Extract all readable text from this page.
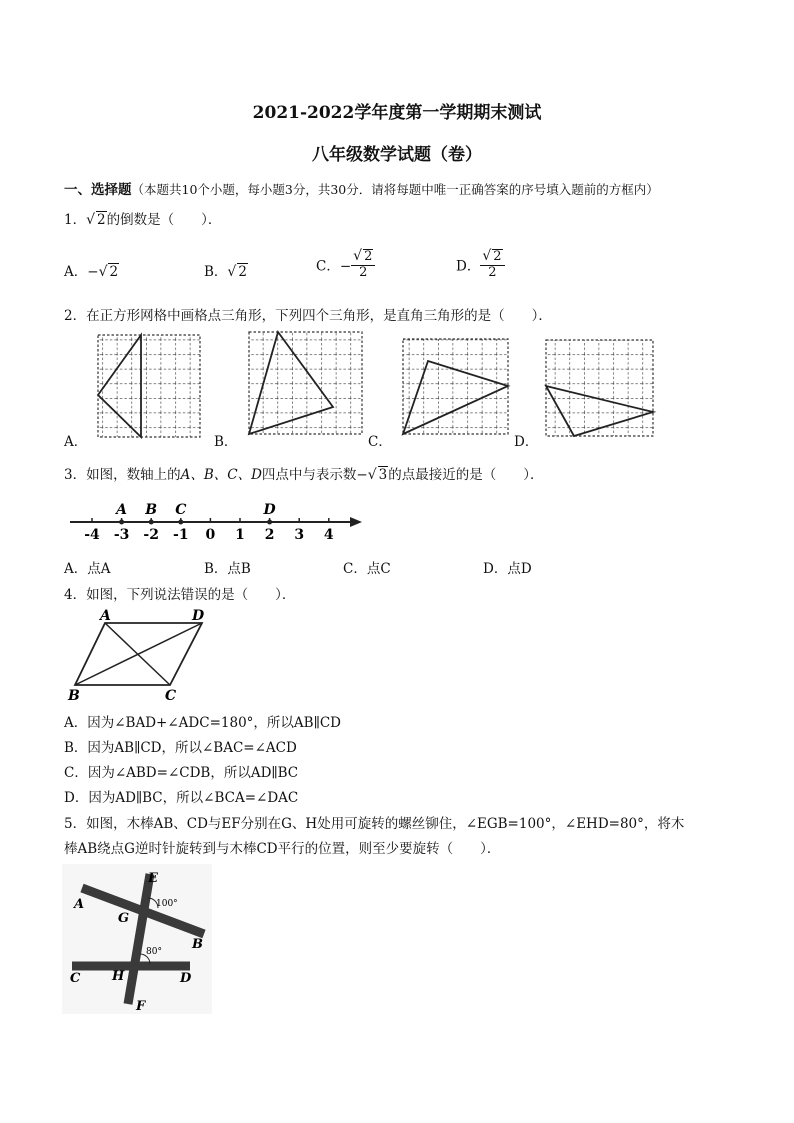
2021-2022学年度第一学期期末测试
八年级数学试题（卷）
一、选择题（本题共10个小题，每小题3分，共30分．请将每题中唯一正确答案的序号填入题前的方框内）
1．√ 2的倒数是（　　）．
A．−√ 2	B．√ 2	C．− $\frac{√ 2}{2}$	D． $\frac{√ 2}{2}$
2．在正方形网格中画格点三角形，下列四个三角形，是直角三角形的是（　　）．
A．	B．	C．	D．
3．如图，数轴上的A、B、C、D四点中与表示数−√ 3的点最接近的是（　　）．
-4 -3 -2 -1 0 1 2 3 4
A B C	D
A．点A	B．点B	C．点C	D．点D
4．如图，下列说法错误的是（　　）．
A	D
B	C
A．因为∠BAD+∠ADC=180°，所以AB∥CD
B．因为AB∥CD，所以∠BAC=∠ACD
C．因为∠ABD=∠CDB，所以AD∥BC
D．因为AD∥BC，所以∠BCA=∠DAC
5．如图，木棒AB、CD与EF分别在G、H处用可旋转的螺丝铆住，∠EGB=100°，∠EHD=80°，将木
棒AB绕点G逆时针旋转到与木棒CD平行的位置，则至少要旋转（　　）．
E
A
G
B
C H	D
F
100°
80°
